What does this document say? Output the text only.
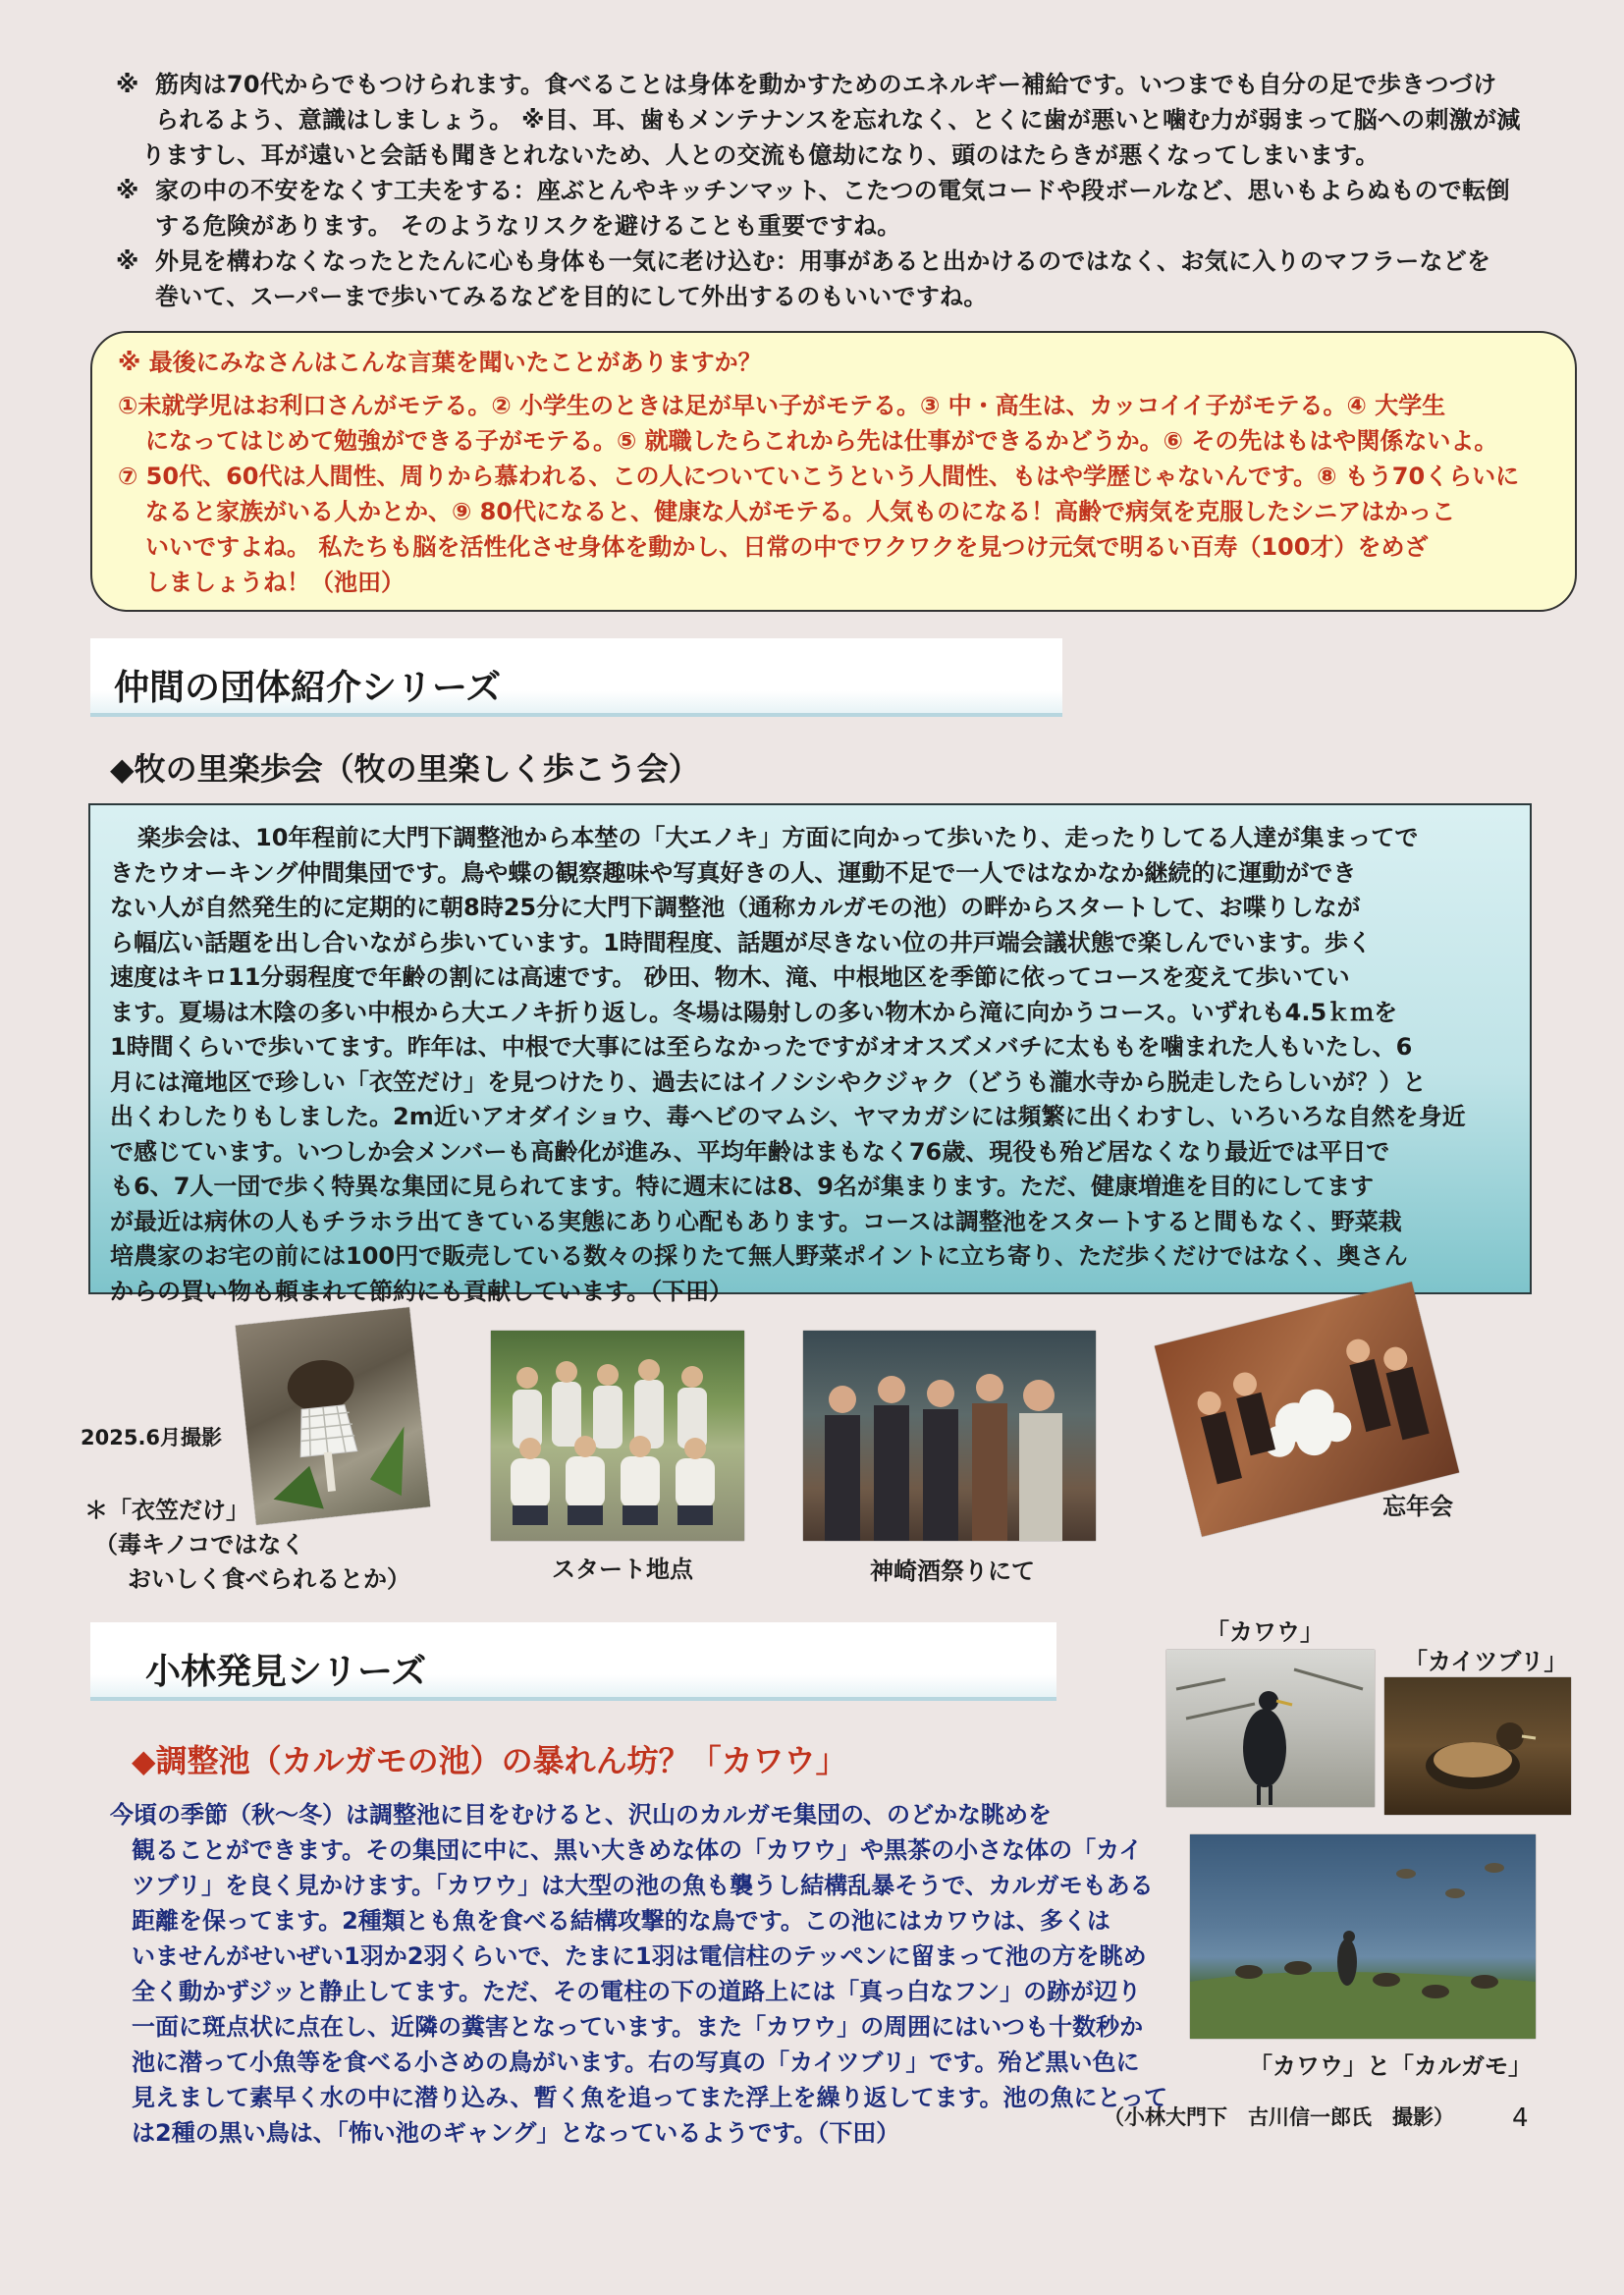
※ 筋肉は70代からでもつけられます。食べることは身体を動かすためのエネルギー補給です。いつまでも自分の足で歩きつづけ
られるよう、意識はしましょう。 ※目、耳、歯もメンテナンスを忘れなく、とくに歯が悪いと噛む力が弱まって脳への刺激が減
りますし、耳が遠いと会話も聞きとれないため、人との交流も億劫になり、頭のはたらきが悪くなってしまいます。
※ 家の中の不安をなくす工夫をする：座ぶとんやキッチンマット、こたつの電気コードや段ボールなど、思いもよらぬもので転倒
する危険があります。 そのようなリスクを避けることも重要ですね。
※ 外見を構わなくなったとたんに心も身体も一気に老け込む：用事があると出かけるのではなく、お気に入りのマフラーなどを
巻いて、スーパーまで歩いてみるなどを目的にして外出するのもいいですね。
※ 最後にみなさんはこんな言葉を聞いたことがありますか？
①未就学児はお利口さんがモテる。② 小学生のときは足が早い子がモテる。③ 中・高生は、カッコイイ子がモテる。④ 大学生
になってはじめて勉強ができる子がモテる。⑤ 就職したらこれから先は仕事ができるかどうか。⑥ その先はもはや関係ないよ。
⑦ 50代、60代は人間性、周りから慕われる、この人についていこうという人間性、もはや学歴じゃないんです。⑧ もう70くらいに
なると家族がいる人かとか、⑨ 80代になると、健康な人がモテる。人気ものになる！高齢で病気を克服したシニアはかっこ
いいですよね。 私たちも脳を活性化させ身体を動かし、日常の中でワクワクを見つけ元気で明るい百寿（100才）をめざ
しましょうね！（池田）
仲間の団体紹介シリーズ
◆牧の里楽歩会（牧の里楽しく歩こう会）
楽歩会は、10年程前に大門下調整池から本埜の「大エノキ」方面に向かって歩いたり、走ったりしてる人達が集まってで
きたウオーキング仲間集団です。鳥や蝶の観察趣味や写真好きの人、運動不足で一人ではなかなか継続的に運動ができ
ない人が自然発生的に定期的に朝8時25分に大門下調整池（通称カルガモの池）の畔からスタートして、お喋りしなが
ら幅広い話題を出し合いながら歩いています。1時間程度、話題が尽きない位の井戸端会議状態で楽しんでいます。歩く
速度はキロ11分弱程度で年齢の割には高速です。 砂田、物木、滝、中根地区を季節に依ってコースを変えて歩いてい
ます。夏場は木陰の多い中根から大エノキ折り返し。冬場は陽射しの多い物木から滝に向かうコース。いずれも4.5ｋｍを
1時間くらいで歩いてます。昨年は、中根で大事には至らなかったですがオオスズメバチに太ももを噛まれた人もいたし、6
月には滝地区で珍しい「衣笠だけ」を見つけたり、過去にはイノシシやクジャク（どうも瀧水寺から脱走したらしいが？）と
出くわしたりもしました。2m近いアオダイショウ、毒ヘビのマムシ、ヤマカガシには頻繁に出くわすし、いろいろな自然を身近
で感じています。いつしか会メンバーも高齢化が進み、平均年齢はまもなく76歳、現役も殆ど居なくなり最近では平日で
も6、7人一団で歩く特異な集団に見られてます。特に週末には8、9名が集まります。ただ、健康増進を目的にしてます
が最近は病休の人もチラホラ出てきている実態にあり心配もあります。コースは調整池をスタートすると間もなく、野菜栽
培農家のお宅の前には100円で販売している数々の採りたて無人野菜ポイントに立ち寄り、ただ歩くだけではなく、奥さん
からの買い物も頼まれて節約にも貢献しています。（下田）
2025.6月撮影
＊「衣笠だけ」
（毒キノコではなく
おいしく食べられるとか）	スタート地点	神崎酒祭りにて
忘年会
小林発見シリーズ
◆調整池（カルガモの池）の暴れん坊？「カワウ」
今頃の季節（秋～冬）は調整池に目をむけると、沢山のカルガモ集団の、のどかな眺めを
観ることができます。その集団に中に、黒い大きめな体の「カワウ」や黒茶の小さな体の「カイ
ツブリ」を良く見かけます。「カワウ」は大型の池の魚も襲うし結構乱暴そうで、カルガモもある
距離を保ってます。2種類とも魚を食べる結構攻撃的な鳥です。この池にはカワウは、多くは
いませんがせいぜい1羽か2羽くらいで、たまに1羽は電信柱のテッペンに留まって池の方を眺め
全く動かずジッと静止してます。ただ、その電柱の下の道路上には「真っ白なフン」の跡が辺り
一面に斑点状に点在し、近隣の糞害となっています。また「カワウ」の周囲にはいつも十数秒か
池に潜って小魚等を食べる小さめの鳥がいます。右の写真の「カイツブリ」です。殆ど黒い色に
見えまして素早く水の中に潜り込み、暫く魚を追ってまた浮上を繰り返してます。池の魚にとって
は2種の黒い鳥は、「怖い池のギャング」となっているようです。（下田）
「カワウ」
「カイツブリ」
「カワウ」と「カルガモ」
（小林大門下　古川信一郎氏　撮影） 4
